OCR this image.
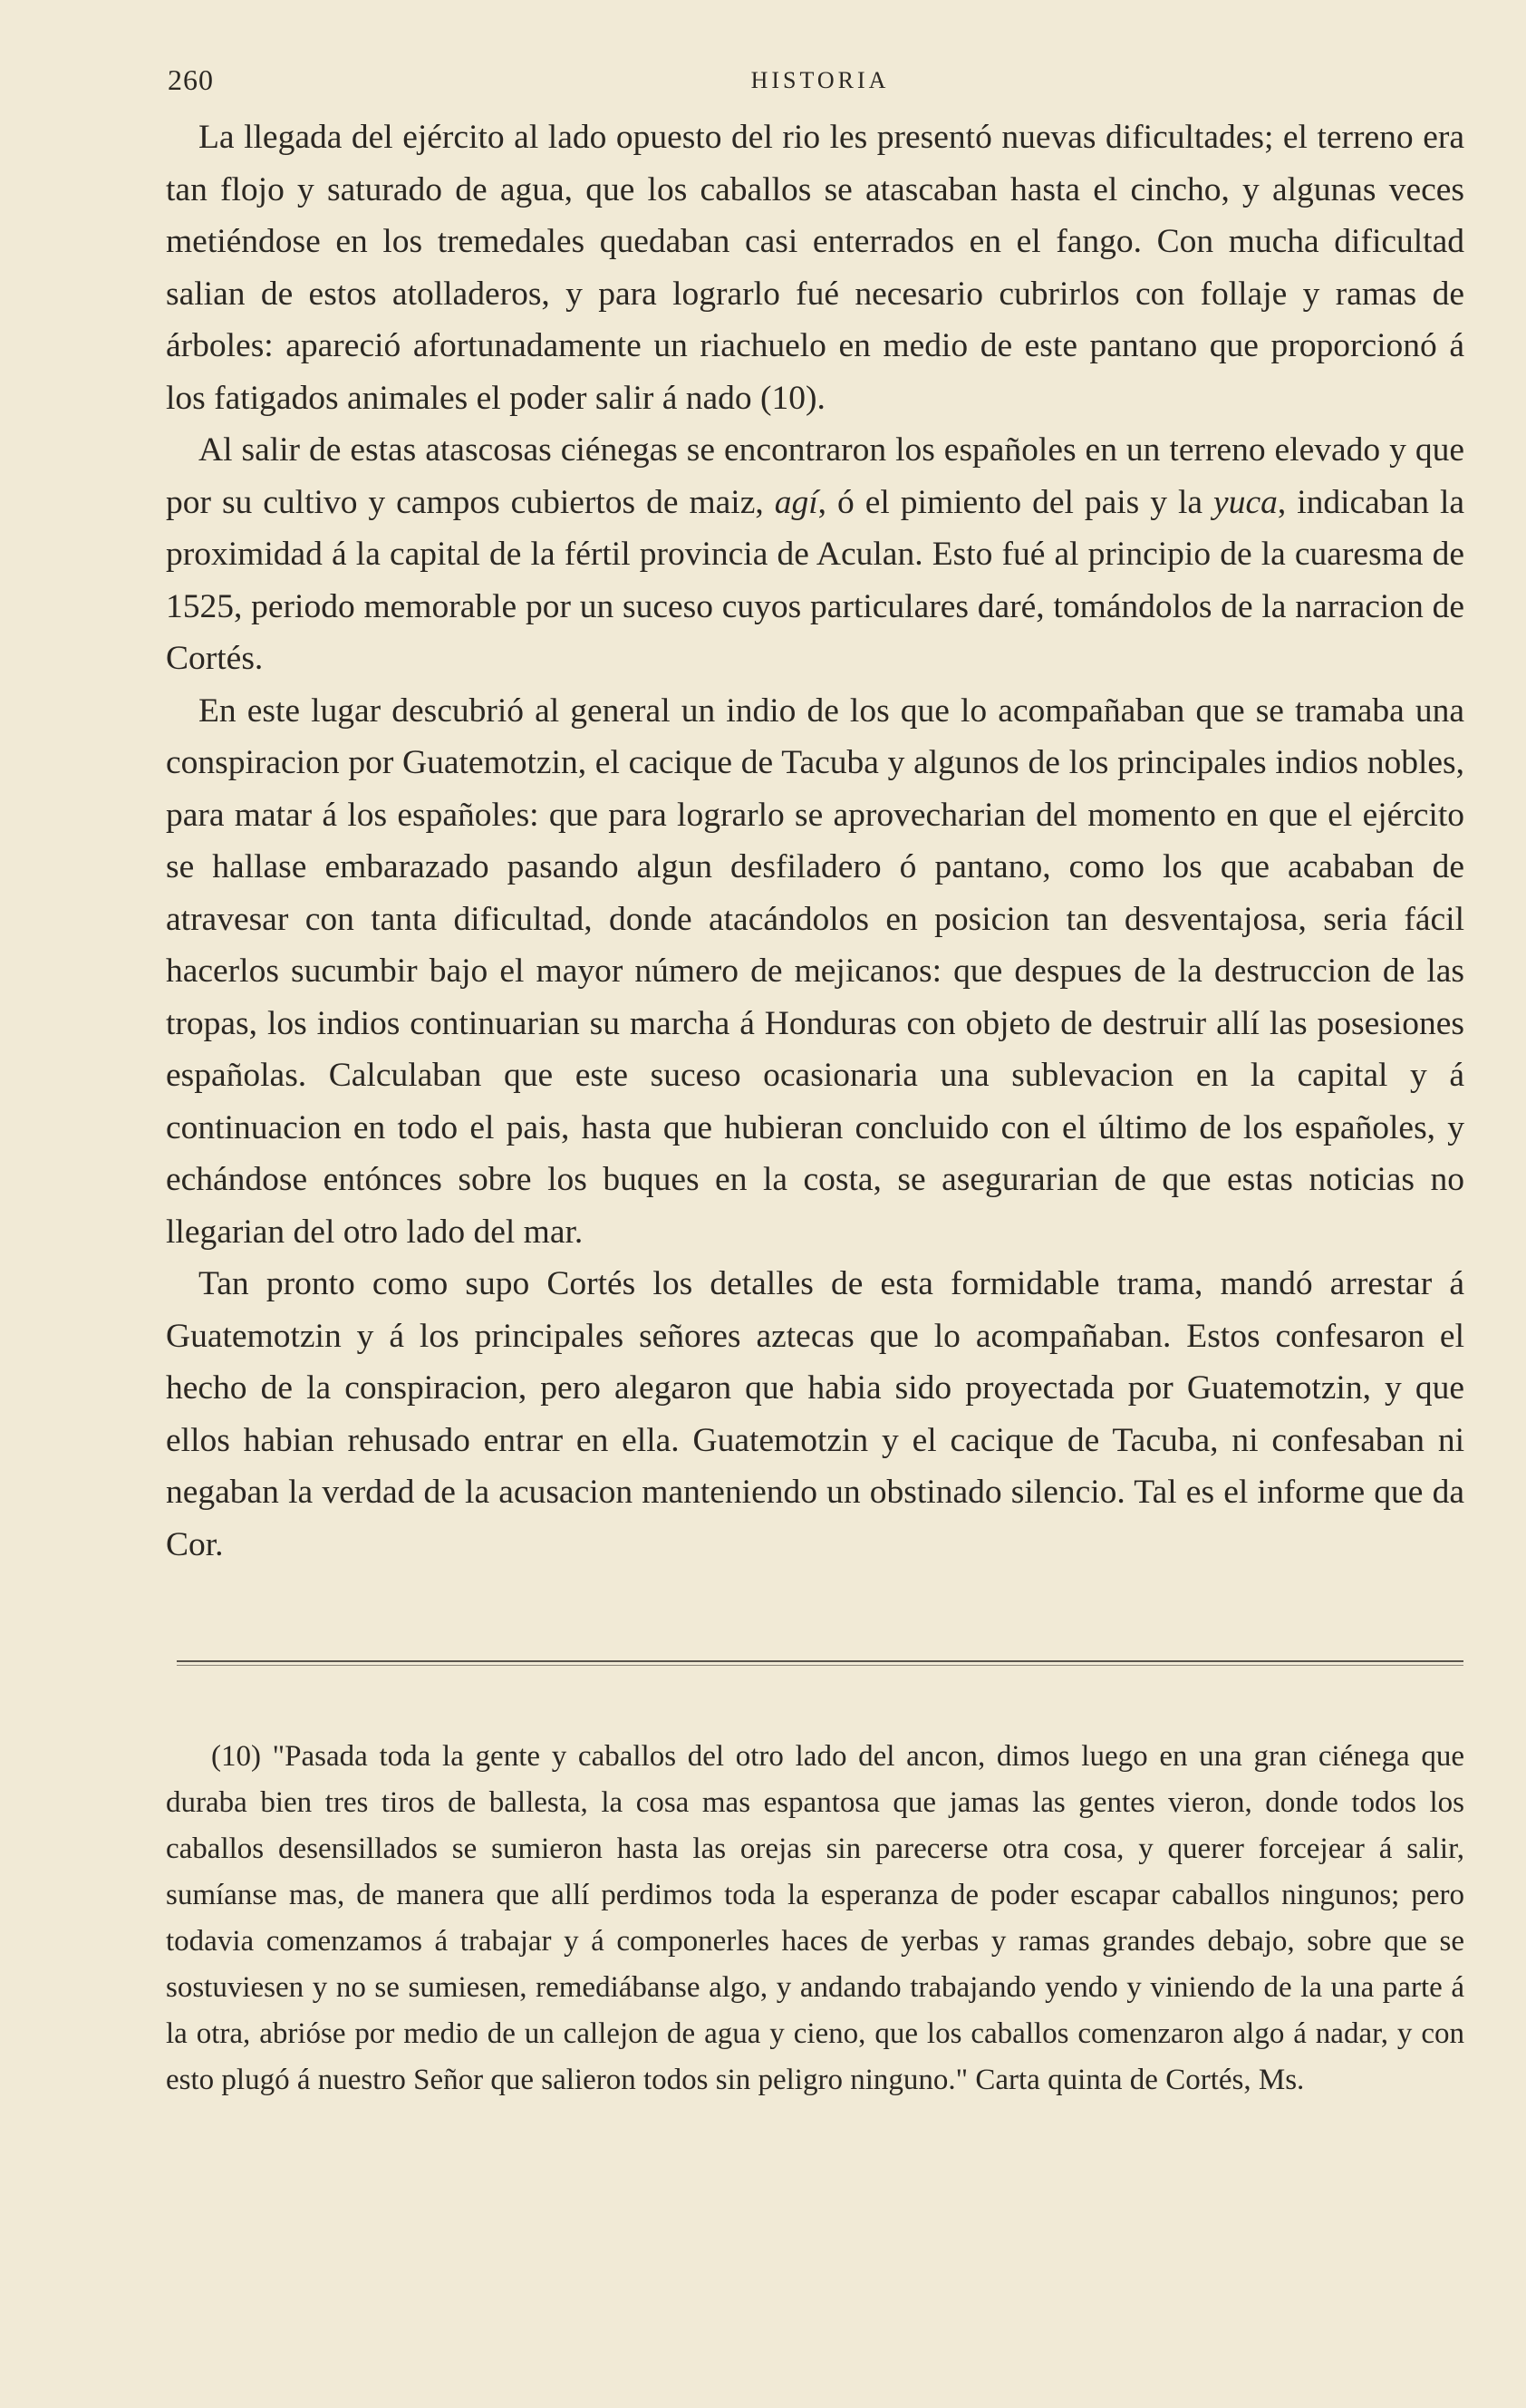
260	HISTORIA

La llegada del ejército al lado opuesto del rio les presentó nuevas dificultades; el terreno era tan flojo y saturado de agua, que los caballos se atascaban hasta el cincho, y algunas veces metiéndose en los tremedales quedaban casi enterrados en el fango. Con mucha dificultad salian de estos atolladeros, y para lograrlo fué necesario cubrirlos con follaje y ramas de árboles: apareció afortunadamente un riachuelo en medio de este pantano que proporcionó á los fatigados animales el poder salir á nado (10).

Al salir de estas atascosas ciénegas se encontraron los españoles en un terreno elevado y que por su cultivo y campos cubiertos de maiz, agí, ó el pimiento del pais y la yuca, indicaban la proximidad á la capital de la fértil provincia de Aculan. Esto fué al principio de la cuaresma de 1525, periodo memorable por un suceso cuyos particulares daré, tomándolos de la narracion de Cortés.

En este lugar descubrió al general un indio de los que lo acompañaban que se tramaba una conspiracion por Guatemotzin, el cacique de Tacuba y algunos de los principales indios nobles, para matar á los españoles: que para lograrlo se aprovecharian del momento en que el ejército se hallase embarazado pasando algun desfiladero ó pantano, como los que acababan de atravesar con tanta dificultad, donde atacándolos en posicion tan desventajosa, seria fácil hacerlos sucumbir bajo el mayor número de mejicanos: que despues de la destruccion de las tropas, los indios continuarian su marcha á Honduras con objeto de destruir allí las posesiones españolas. Calculaban que este suceso ocasionaria una sublevacion en la capital y á continuacion en todo el pais, hasta que hubieran concluido con el último de los españoles, y echándose entónces sobre los buques en la costa, se asegurarian de que estas noticias no llegarian del otro lado del mar.

Tan pronto como supo Cortés los detalles de esta formidable trama, mandó arrestar á Guatemotzin y á los principales señores aztecas que lo acompañaban. Estos confesaron el hecho de la conspiracion, pero alegaron que habia sido proyectada por Guatemotzin, y que ellos habian rehusado entrar en ella. Guatemotzin y el cacique de Tacuba, ni confesaban ni negaban la verdad de la acusacion manteniendo un obstinado silencio. Tal es el informe que da Cor.

(10) "Pasada toda la gente y caballos del otro lado del ancon, dimos luego en una gran ciénega que duraba bien tres tiros de ballesta, la cosa mas espantosa que jamas las gentes vieron, donde todos los caballos desensillados se sumieron hasta las orejas sin parecerse otra cosa, y querer forcejear á salir, sumíanse mas, de manera que allí perdimos toda la esperanza de poder escapar caballos ningunos; pero todavia comenzamos á trabajar y á componerles haces de yerbas y ramas grandes debajo, sobre que se sostuviesen y no se sumiesen, remediábanse algo, y andando trabajando yendo y viniendo de la una parte á la otra, abrióse por medio de un callejon de agua y cieno, que los caballos comenzaron algo á nadar, y con esto plugó á nuestro Señor que salieron todos sin peligro ninguno." Carta quinta de Cortés, Ms.
